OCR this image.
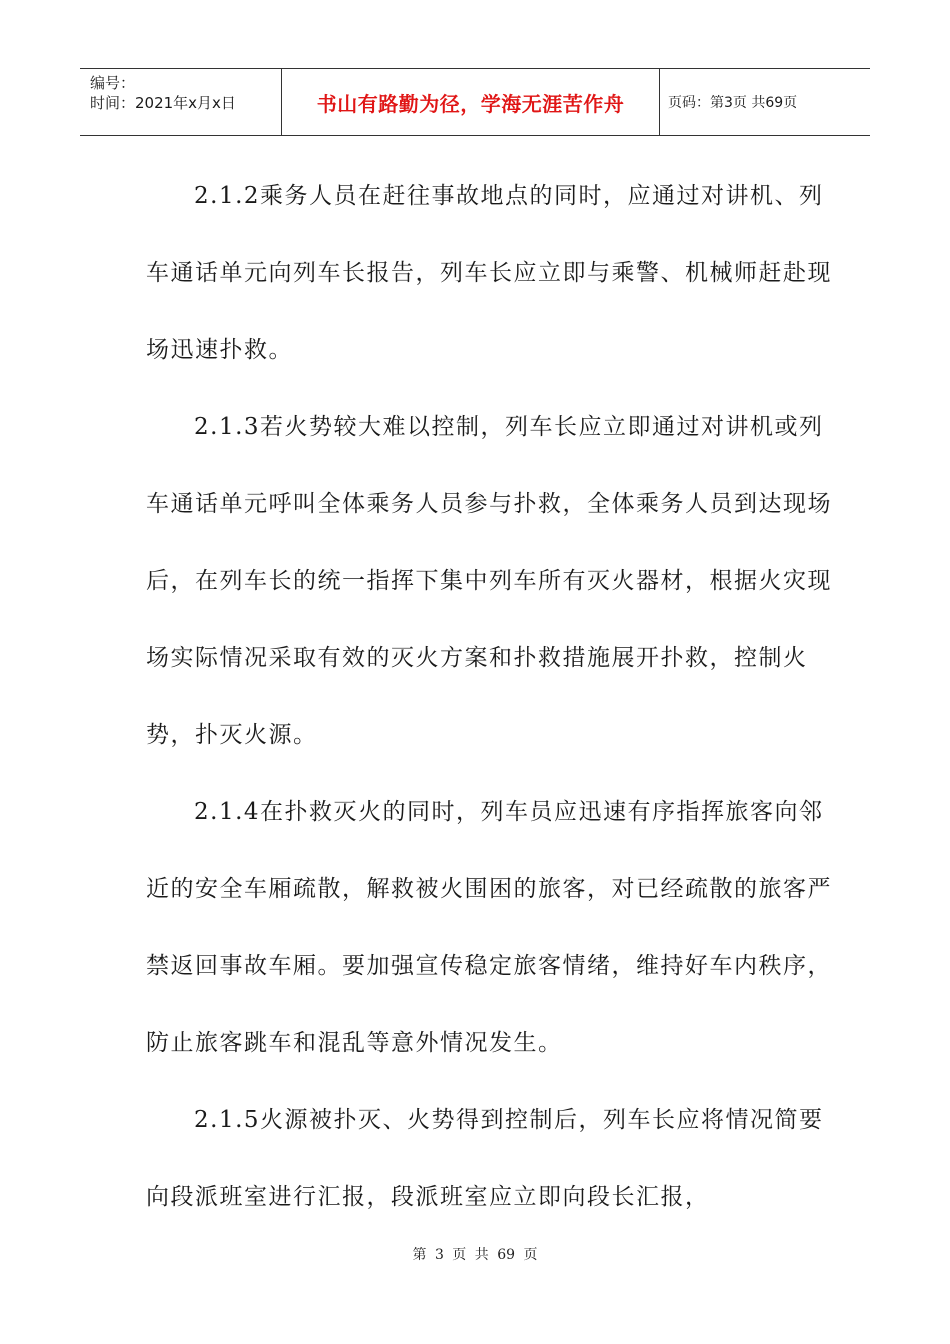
编号：
时间：2021年x月x日	书山有路勤为径，学海无涯苦作舟	页码：第3页 共69页

2.1.2乘务人员在赶往事故地点的同时，应通过对讲机、列车通话单元向列车长报告，列车长应立即与乘警、机械师赶赴现场迅速扑救。

2.1.3若火势较大难以控制，列车长应立即通过对讲机或列车通话单元呼叫全体乘务人员参与扑救，全体乘务人员到达现场后，在列车长的统一指挥下集中列车所有灭火器材，根据火灾现场实际情况采取有效的灭火方案和扑救措施展开扑救，控制火势，扑灭火源。

2.1.4在扑救灭火的同时，列车员应迅速有序指挥旅客向邻近的安全车厢疏散，解救被火围困的旅客，对已经疏散的旅客严禁返回事故车厢。要加强宣传稳定旅客情绪，维持好车内秩序，防止旅客跳车和混乱等意外情况发生。

2.1.5火源被扑灭、火势得到控制后，列车长应将情况简要向段派班室进行汇报，段派班室应立即向段长汇报，

第 3 页 共 69 页
